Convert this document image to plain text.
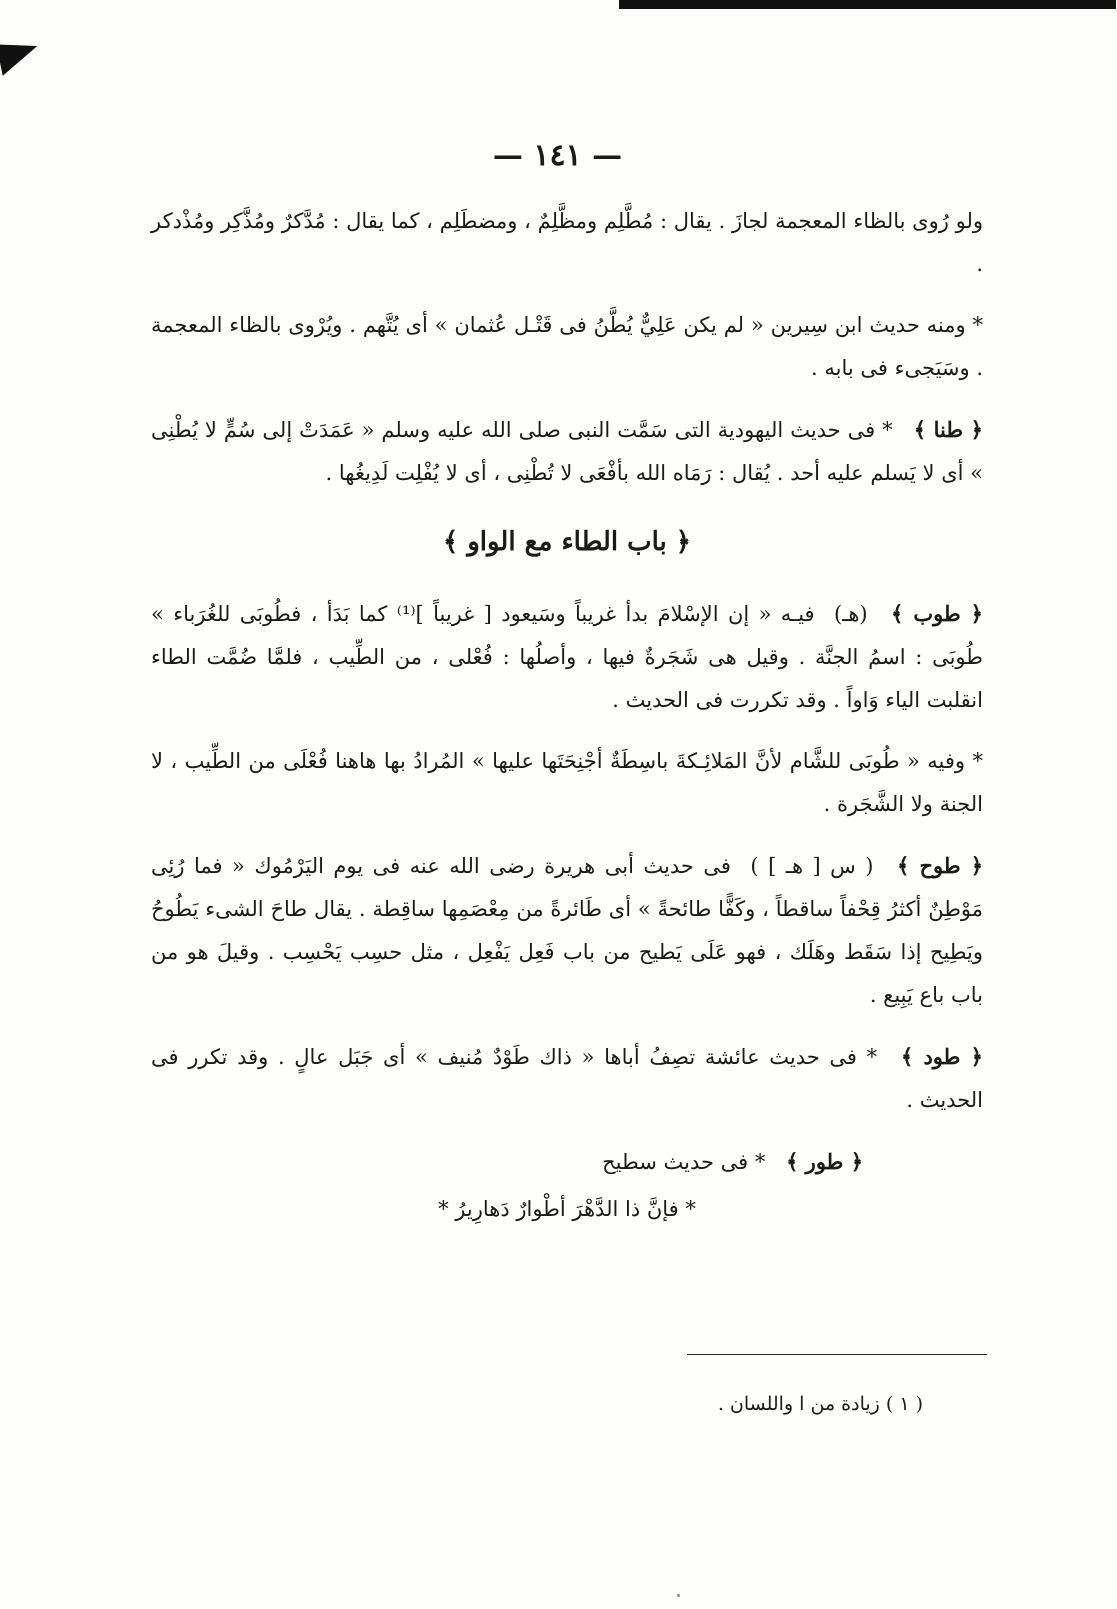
— ١٤١ —

ولو رُوى بالظاء المعجمة لجازَ . يقال : مُطَّلِم ومظَّلِمٌ ، ومضطَلِم ، كما يقال : مُدَّكرٌ ومُذَّكِر ومُذْدكر .

* ومنه حديث ابن سِيرين « لم يكن عَلِيٌّ يُطَّنُ فى قَتْـل عُثمان » أى يُتَّهم . ويُرْوى بالظاء المعجمة . وسَيَجىء فى بابه .

﴿ طنا ﴾ * فى حديث اليهودية التى سَمَّت النبى صلى الله عليه وسلم « عَمَدَتْ إلى سُمٍّ لا يُطْنِى » أى لا يَسلم عليه أحد . يُقال : رَمَاه الله بأفْعَى لا تُطْنِى ، أى لا يُفْلِت لَدِيغُها .

﴿ باب الطاء مع الواو ﴾

﴿ طوب ﴾ (هـ) فيـه « إن الإسْلامَ بدأ غريباً وسَيعود [ غريباً ]⁽¹⁾ كما بَدَأ ، فطُوبَى للغُرَباء » طُوبَى : اسمُ الجنَّة . وقيل هى شَجَرةٌ فيها ، وأصلُها : فُعْلى ، من الطِّيب ، فلمَّا ضُمَّت الطاء انقلبت الياء وَاواً . وقد تكررت فى الحديث .

* وفيه « طُوبَى للشَّام لأنَّ المَلائِـكةَ باسِطَةٌ أجْنِحَتَها عليها » المُرادُ بها هاهنا فُعْلَى من الطِّيب ، لا الجنة ولا الشَّجَرة .

﴿ طوح ﴾ ( س [ هـ ] ) فى حديث أبى هريرة رضى الله عنه فى يوم اليَرْمُوك « فما رُئِى مَوْطِنٌ أكثرُ قِحْفاً ساقطاً ، وكَفًّا طائحةً » أى طَائرةً من مِعْصَمِها ساقِطة . يقال طاحَ الشىء يَطُوحُ ويَطِيح إذا سَقَط وهَلَك ، فهو عَلَى يَطيح من باب فَعِل يَفْعِل ، مثل حسِب يَحْسِب . وقيلَ هو من باب باع يَبِيع .

﴿ طود ﴾ * فى حديث عائشة تصِفُ أباها « ذاك طَوْدٌ مُنيف » أى جَبَل عالٍ . وقد تكرر فى الحديث .

﴿ طور ﴾ * فى حديث سطيح

* فإنَّ ذا الدَّهْرَ أطْوارٌ دَهارِيرُ *
( ١ ) زيادة من ا واللسان .
